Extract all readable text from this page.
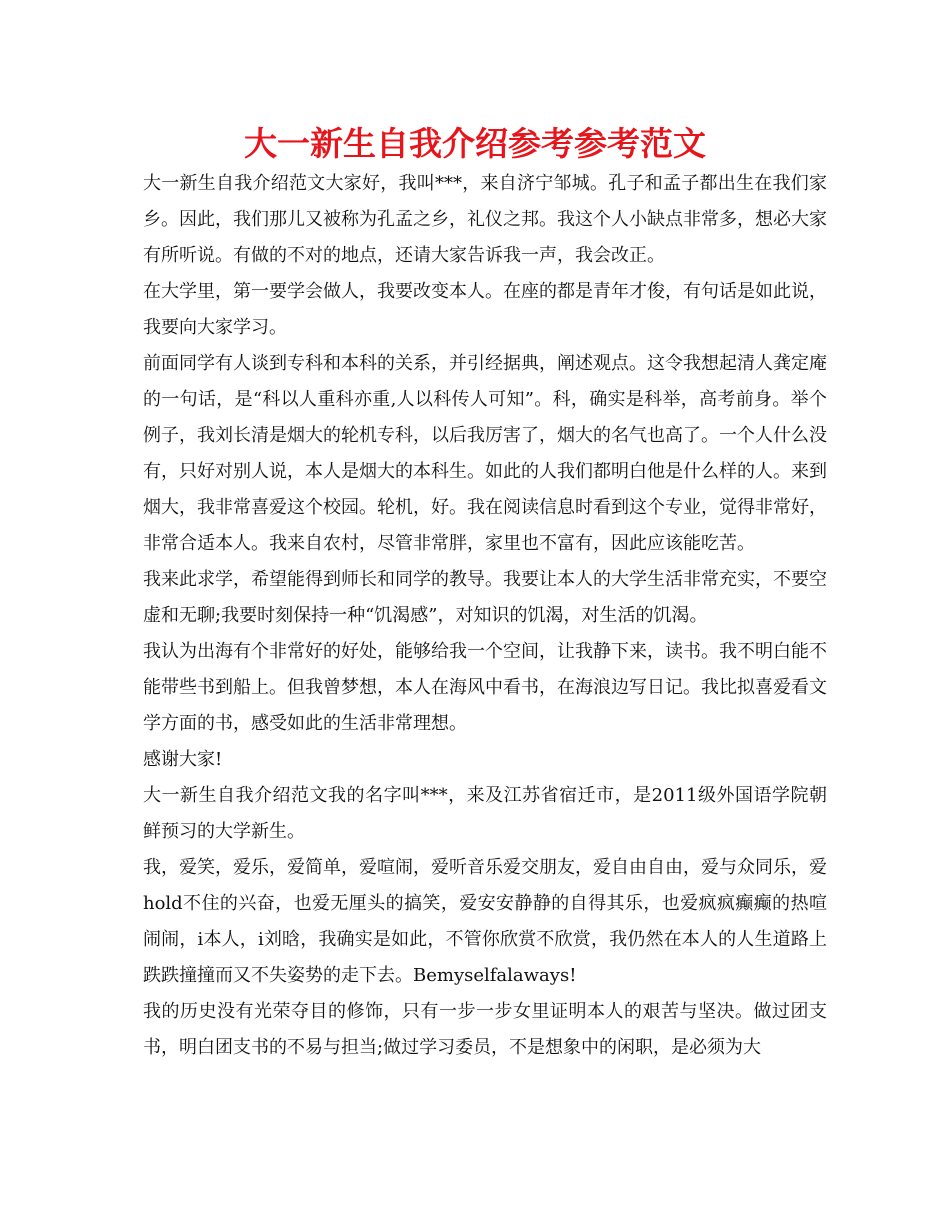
大一新生自我介绍参考参考范文

大一新生自我介绍范文大家好，我叫***，来自济宁邹城。孔子和孟子都出生在我们家乡。因此，我们那儿又被称为孔孟之乡，礼仪之邦。我这个人小缺点非常多，想必大家有所听说。有做的不对的地点，还请大家告诉我一声，我会改正。

在大学里，第一要学会做人，我要改变本人。在座的都是青年才俊，有句话是如此说，我要向大家学习。

前面同学有人谈到专科和本科的关系，并引经据典，阐述观点。这令我想起清人龚定庵的一句话，是“科以人重科亦重,人以科传人可知”。科，确实是科举，高考前身。举个例子，我刘长清是烟大的轮机专科，以后我厉害了，烟大的名气也高了。一个人什么没有，只好对别人说，本人是烟大的本科生。如此的人我们都明白他是什么样的人。来到烟大，我非常喜爱这个校园。轮机，好。我在阅读信息时看到这个专业，觉得非常好，非常合适本人。我来自农村，尽管非常胖，家里也不富有，因此应该能吃苦。

我来此求学，希望能得到师长和同学的教导。我要让本人的大学生活非常充实，不要空虚和无聊;我要时刻保持一种“饥渴感”，对知识的饥渴，对生活的饥渴。

我认为出海有个非常好的好处，能够给我一个空间，让我静下来，读书。我不明白能不能带些书到船上。但我曾梦想，本人在海风中看书，在海浪边写日记。我比拟喜爱看文学方面的书，感受如此的生活非常理想。

感谢大家!

大一新生自我介绍范文我的名字叫***，来及江苏省宿迁市，是2011级外国语学院朝鲜预习的大学新生。

我，爱笑，爱乐，爱简单，爱喧闹，爱听音乐爱交朋友，爱自由自由，爱与众同乐，爱hold不住的兴奋，也爱无厘头的搞笑，爱安安静静的自得其乐，也爱疯疯癫癫的热喧闹闹，i本人，i刘晗，我确实是如此，不管你欣赏不欣赏，我仍然在本人的人生道路上跌跌撞撞而又不失姿势的走下去。Bemyselfalaways!

我的历史没有光荣夺目的修饰，只有一步一步女里证明本人的艰苦与坚决。做过团支书，明白团支书的不易与担当;做过学习委员，不是想象中的闲职，是必须为大
